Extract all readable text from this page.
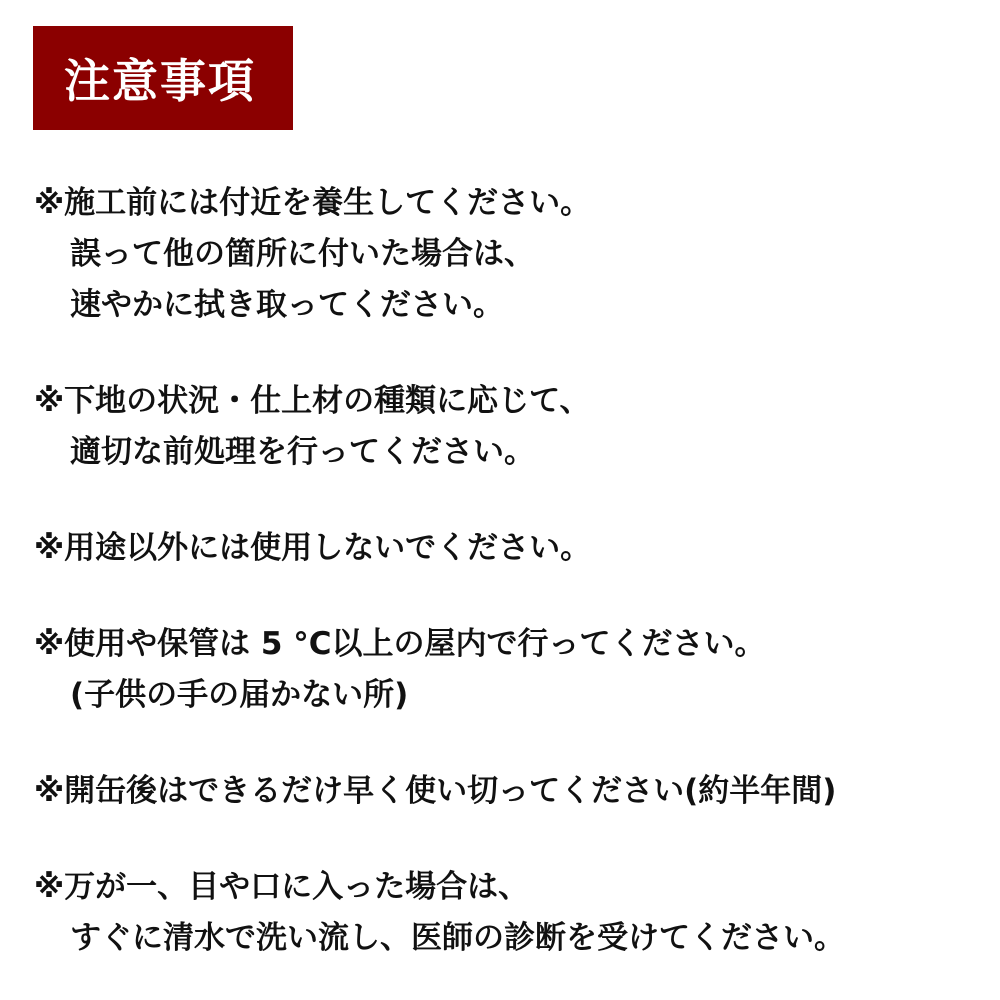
注意事項
※施工前には付近を養生してください。
誤って他の箇所に付いた場合は、
速やかに拭き取ってください。
※下地の状況・仕上材の種類に応じて、
適切な前処理を行ってください。
※用途以外には使用しないでください。
※使用や保管は 5 °C以上の屋内で行ってください。
(子供の手の届かない所)
※開缶後はできるだけ早く使い切ってください(約半年間)
※万が一、目や口に入った場合は、
すぐに清水で洗い流し、医師の診断を受けてください。
